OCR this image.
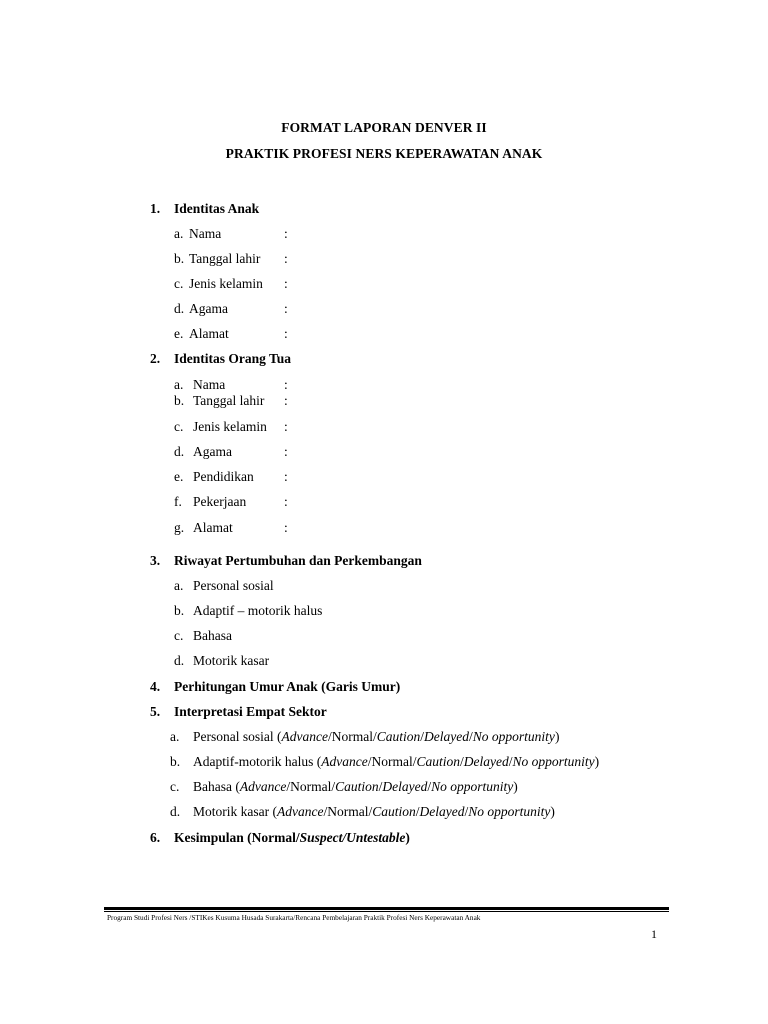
FORMAT LAPORAN DENVER II
PRAKTIK PROFESI NERS KEPERAWATAN ANAK
1. Identitas Anak
a. Nama	:
b. Tanggal lahir :
c. Jenis kelamin :
d. Agama	:
e. Alamat	:
2. Identitas Orang Tua
a. Nama	:
b. Tanggal lahir :
c. Jenis kelamin :
d. Agama	:
e. Pendidikan :
f. Pekerjaan	:
g. Alamat	:
3. Riwayat Pertumbuhan dan Perkembangan
a. Personal sosial
b. Adaptif – motorik halus
c. Bahasa
d. Motorik kasar
4. Perhitungan Umur Anak (Garis Umur)
5. Interpretasi Empat Sektor
a. Personal sosial (Advance/Normal/Caution/Delayed/No opportunity)
b. Adaptif-motorik halus (Advance/Normal/Caution/Delayed/No opportunity)
c. Bahasa (Advance/Normal/Caution/Delayed/No opportunity)
d. Motorik kasar (Advance/Normal/Caution/Delayed/No opportunity)
6. Kesimpulan (Normal/Suspect/Untestable)
Program Studi Profesi Ners /STIKes Kusuma Husada Surakarta/Rencana Pembelajaran Praktik Profesi Ners Keperawatan Anak
1
